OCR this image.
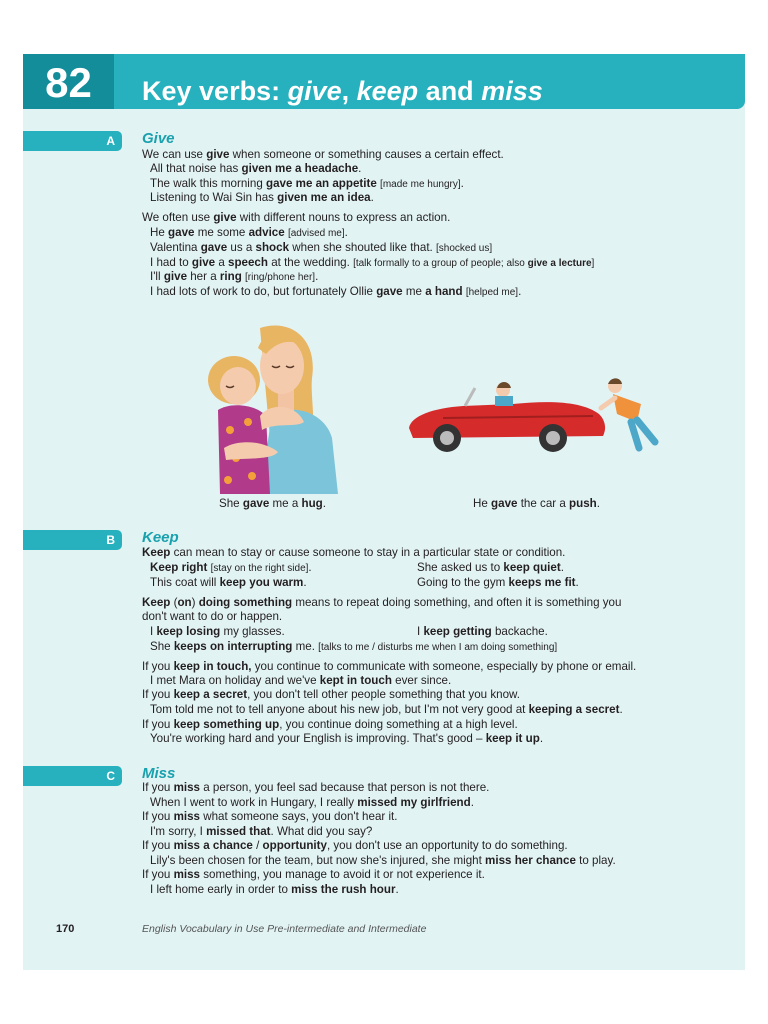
82	Key verbs: give, keep and miss
A Give
We can use give when someone or something causes a certain effect.
All that noise has given me a headache.
The walk this morning gave me an appetite [made me hungry].
Listening to Wai Sin has given me an idea.
We often use give with different nouns to express an action.
He gave me some advice [advised me].
Valentina gave us a shock when she shouted like that. [shocked us]
I had to give a speech at the wedding. [talk formally to a group of people; also give a lecture]
I'll give her a ring [ring/phone her].
I had lots of work to do, but fortunately Ollie gave me a hand [helped me].
She gave me a hug.	He gave the car a push.
B Keep
Keep can mean to stay or cause someone to stay in a particular state or condition.
Keep right [stay on the right side].	She asked us to keep quiet.
This coat will keep you warm.	Going to the gym keeps me fit.
Keep (on) doing something means to repeat doing something, and often it is something you
don't want to do or happen.
I keep losing my glasses.	I keep getting backache.
She keeps on interrupting me. [talks to me / disturbs me when I am doing something]
If you keep in touch, you continue to communicate with someone, especially by phone or email.
I met Mara on holiday and we've kept in touch ever since.
If you keep a secret, you don't tell other people something that you know.
Tom told me not to tell anyone about his new job, but I'm not very good at keeping a secret.
If you keep something up, you continue doing something at a high level.
You're working hard and your English is improving. That's good – keep it up.
C Miss
If you miss a person, you feel sad because that person is not there.
When I went to work in Hungary, I really missed my girlfriend.
If you miss what someone says, you don't hear it.
I'm sorry, I missed that. What did you say?
If you miss a chance / opportunity, you don't use an opportunity to do something.
Lily's been chosen for the team, but now she's injured, she might miss her chance to play.
If you miss something, you manage to avoid it or not experience it.
I left home early in order to miss the rush hour.
170	English Vocabulary in Use Pre-intermediate and Intermediate
